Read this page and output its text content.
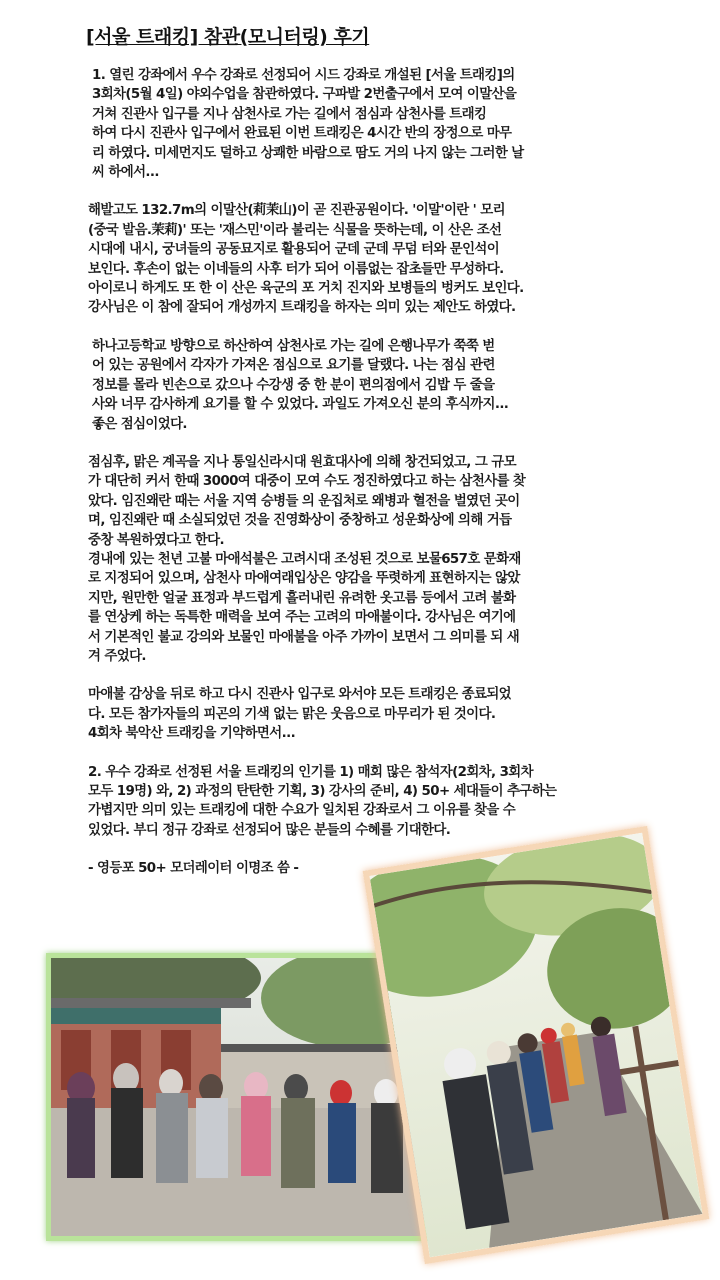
[서울 트래킹] 참관(모니터링) 후기

1. 열린 강좌에서 우수 강좌로 선정되어 시드 강좌로 개설된 [서울 트래킹]의
3회차(5월 4일) 야외수업을 참관하였다. 구파발 2번출구에서 모여 이말산을
거쳐 진관사 입구를 지나 삼천사로 가는 길에서 점심과 삼천사를 트래킹
하여 다시 진관사 입구에서 완료된 이번 트래킹은 4시간 반의 장정으로 마무
리 하였다. 미세먼지도 덜하고 상쾌한 바람으로 땀도 거의 나지 않는 그러한 날
씨 하에서...

해발고도 132.7m의 이말산(莉茉山)이 곧 진관공원이다. '이말'이란 ' 모리
(중국 발음.茉莉)' 또는 '재스민'이라 불리는 식물을 뜻하는데, 이 산은 조선
시대에 내시, 궁녀들의 공동묘지로 활용되어 군데 군데 무덤 터와 문인석이
보인다. 후손이 없는 이네들의 사후 터가 되어 이름없는 잡초들만 무성하다.
아이로니 하게도 또 한 이 산은 육군의 포 거치 진지와 보병들의 벙커도 보인다.
강사님은 이 참에 잘되어 개성까지 트래킹을 하자는 의미 있는 제안도 하였다.

하나고등학교 방향으로 하산하여 삼천사로 가는 길에 은행나무가 쭉쭉 벋
어 있는 공원에서 각자가 가져온 점심으로 요기를 달랬다. 나는 점심 관련
정보를 몰라 빈손으로 갔으나 수강생 중 한 분이 편의점에서 김밥 두 줄을
사와 너무 감사하게 요기를 할 수 있었다. 과일도 가져오신 분의 후식까지...
좋은 점심이었다.

점심후, 맑은 계곡을 지나 통일신라시대 원효대사에 의해 창건되었고, 그 규모
가 대단히 커서 한때 3000여 대중이 모여 수도 정진하였다고 하는 삼천사를 찾
았다. 임진왜란 때는 서울 지역 승병들 의 운집처로 왜병과 혈전을 벌였던 곳이
며, 임진왜란 때 소실되었던 것을 진영화상이 중창하고 성운화상에 의해 거듭
중창 복원하였다고 한다.
경내에 있는 천년 고불 마애석불은 고려시대 조성된 것으로 보물657호 문화재
로 지정되어 있으며, 삼천사 마애여래입상은 양감을 뚜렷하게 표현하지는 않았
지만, 원만한 얼굴 표정과 부드럽게 흘러내린 유려한 옷고름 등에서 고려 불화
를 연상케 하는 독특한 매력을 보여 주는 고려의 마애불이다. 강사님은 여기에
서 기본적인 불교 강의와 보물인 마애불을 아주 가까이 보면서 그 의미를 되 새
겨 주었다.

마애불 감상을 뒤로 하고 다시 진관사 입구로 와서야 모든 트래킹은 종료되었
다. 모든 참가자들의 피곤의 기색 없는 맑은 웃음으로 마무리가 된 것이다.
4회차 북악산 트래킹을 기약하면서...

2. 우수 강좌로 선정된 서울 트래킹의 인기를 1) 매회 많은 참석자(2회차, 3회차
모두 19명) 와, 2) 과정의 탄탄한 기획, 3) 강사의 준비, 4) 50+ 세대들이 추구하는
가볍지만 의미 있는 트래킹에 대한 수요가 일치된 강좌로서 그 이유를 찾을 수
있었다. 부디 정규 강좌로 선정되어 많은 분들의 수혜를 기대한다.

- 영등포 50+ 모더레이터 이명조 씀 -
